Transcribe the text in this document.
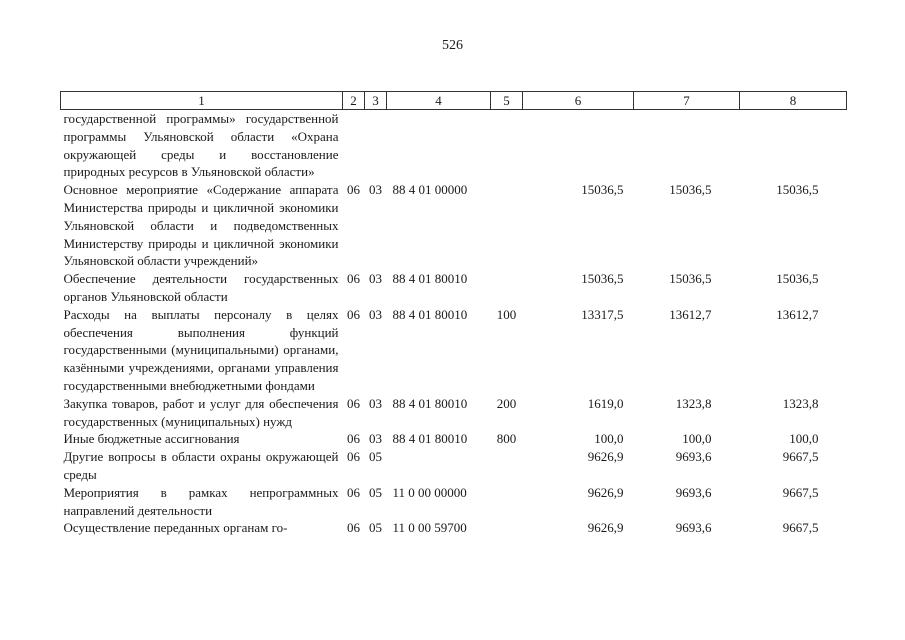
526
1	2	3	4	5	6	7	8
государственной программы» государственной программы Ульяновской области «Охрана окружающей среды и восстановление природных ресурсов в Ульяновской области»							
Основное мероприятие «Содержание аппарата Министерства природы и цикличной экономики Ульяновской области и подведомственных Министерству природы и цикличной экономики Ульяновской области учреждений»	06	03	88 4 01 00000		15036,5	15036,5	15036,5
Обеспечение деятельности государственных органов Ульяновской области	06	03	88 4 01 80010		15036,5	15036,5	15036,5
Расходы на выплаты персоналу в целях обеспечения выполнения функций государственными (муниципальными) органами, казёнными учреждениями, органами управления государственными внебюджетными фондами	06	03	88 4 01 80010	100	13317,5	13612,7	13612,7
Закупка товаров, работ и услуг для обеспечения государственных (муниципальных) нужд	06	03	88 4 01 80010	200	1619,0	1323,8	1323,8
Иные бюджетные ассигнования	06	03	88 4 01 80010	800	100,0	100,0	100,0
Другие вопросы в области охраны окружающей среды	06	05			9626,9	9693,6	9667,5
Мероприятия в рамках непрограммных направлений деятельности	06	05	11 0 00 00000		9626,9	9693,6	9667,5
Осуществление переданных органам го-	06	05	11 0 00 59700		9626,9	9693,6	9667,5
